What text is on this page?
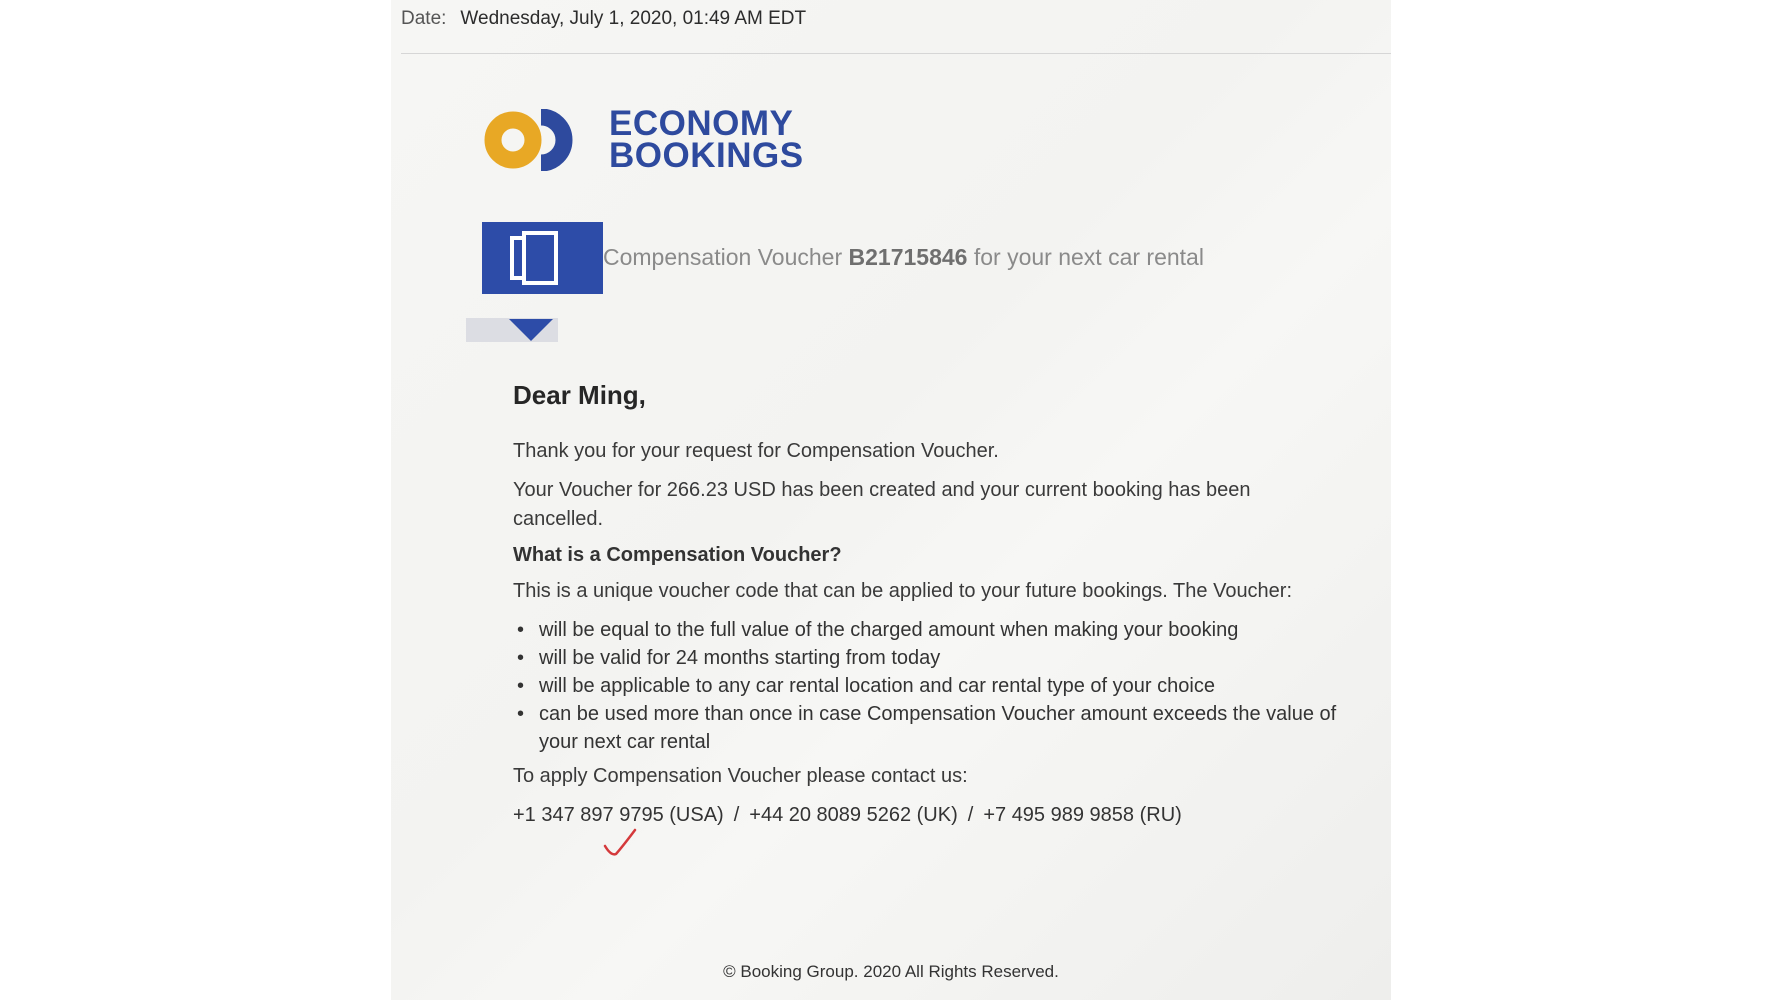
Date: Wednesday, July 1, 2020, 01:49 AM EDT
ECONOMY
BOOKINGS
Compensation Voucher B21715846 for your next car rental
Dear Ming,
Thank you for your request for Compensation Voucher.
Your Voucher for 266.23 USD has been created and your current booking has been cancelled.
What is a Compensation Voucher?
This is a unique voucher code that can be applied to your future bookings. The Voucher:
• will be equal to the full value of the charged amount when making your booking
• will be valid for 24 months starting from today
• will be applicable to any car rental location and car rental type of your choice
• can be used more than once in case Compensation Voucher amount exceeds the value of your next car rental
To apply Compensation Voucher please contact us:
+1 347 897 9795 (USA) / +44 20 8089 5262 (UK) / +7 495 989 9858 (RU)
© Booking Group. 2020 All Rights Reserved.
